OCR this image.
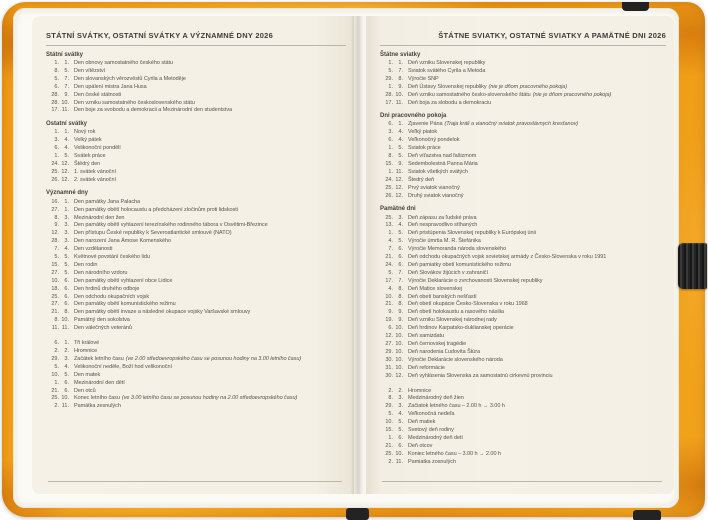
STÁTNÍ SVÁTKY, OSTATNÍ SVÁTKY A VÝZNAMNÉ DNY 2026
Státní svátky
1. 1. Den obnovy samostatného českého státu
8. 5. Den vítězství
5. 7. Den slovanských věrozvěstů Cyrila a Metoděje
6. 7. Den upálení mistra Jana Husa
28. 9. Den české státnosti
28. 10. Den vzniku samostatného československého státu
17. 11. Den boje za svobodu a demokracii a Mezinárodní den studentstva
Ostatní svátky
1. 1. Nový rok
3. 4. Velký pátek
6. 4. Velikonoční pondělí
1. 5. Svátek práce
24. 12. Štědrý den
25. 12. 1. svátek vánoční
26. 12. 2. svátek vánoční
Významné dny
16. 1. Den památky Jana Palacha
27. 1. Den památky obětí holocaustu a předcházení zločinům proti lidskosti
8. 3. Mezinárodní den žen
9. 3. Den památky obětí vyhlazení terezínského rodinného tábora v Osvětimi-Březince
12. 3. Den přístupu České republiky k Severoatlantické smlouvě (NATO)
28. 3. Den narození Jana Ámose Komenského
7. 4. Den vzdělanosti
5. 5. Květnové povstání českého lidu
15. 5. Den rodin
27. 5. Den národního vzdoru
10. 6. Den památky obětí vyhlazení obce Lidice
18. 6. Den hrdinů druhého odboje
25. 6. Den odchodu okupačních vojsk
27. 6. Den památky obětí komunistického režimu
21. 8. Den památky obětí invaze a následné okupace vojsky Varšavské smlouvy
8. 10. Památný den sokolstva
11. 11. Den válečných veteránů
6. 1. Tři králové
2. 2. Hromnice
29. 3. Začátek letního času (ve 2.00 středoevropského času se posunou hodiny na 3.00 letního času)
5. 4. Velikonoční neděle, Boží hod velikonoční
10. 5. Den matek
1. 6. Mezinárodní den dětí
21. 6. Den otců
25. 10. Konec letního času (ve 3.00 letního času se posunou hodiny na 2.00 středoevropského času)
2. 11. Památka zesnulých
ŠTÁTNE SVIATKY, OSTATNÉ SVIATKY A PAMÄTNÉ DNI 2026
Štátne sviatky
1. 1. Deň vzniku Slovenskej republiky
5. 7. Sviatok svätého Cyrila a Metoda
29. 8. Výročie SNP
1. 9. Deň Ústavy Slovenskej republiky (nie je dňom pracovného pokoja)
28. 10. Deň vzniku samostatného česko-slovenského štátu (nie je dňom pracovného pokoja)
17. 11. Deň boja za slobodu a demokraciu
Dni pracovného pokoja
6. 1. Zjavenie Pána (Traja králi a vianočný sviatok pravoslávnych kresťanov)
3. 4. Veľký piatok
6. 4. Veľkonočný pondelok
1. 5. Sviatok práce
8. 5. Deň víťazstva nad fašizmom
15. 9. Sedembolestná Panna Mária
1. 11. Sviatok všetkých svätých
24. 12. Štedrý deň
25. 12. Prvý sviatok vianočný
26. 12. Druhý sviatok vianočný
Pamätné dni
25. 3. Deň zápasu za ľudské práva
13. 4. Deň nespravodlivo stíhaných
1. 5. Deň pristúpenia Slovenskej republiky k Európskej únii
4. 5. Výročie úmrtia M. R. Štefánika
7. 6. Výročie Memoranda národa slovenského
21. 6. Deň odchodu okupačných vojsk sovietskej armády z Česko-Slovenska v roku 1991
24. 6. Deň pamiatky obetí komunistického režimu
5. 7. Deň Slovákov žijúcich v zahraničí
17. 7. Výročie Deklarácie o zvrchovanosti Slovenskej republiky
4. 8. Deň Matice slovenskej
10. 8. Deň obetí banských nešťastí
21. 8. Deň obetí okupácie Česko-Slovenska v roku 1968
9. 9. Deň obetí holokaustu a rasového násilia
19. 9. Deň vzniku Slovenskej národnej rady
6. 10. Deň hrdinov Karpatsko-duklianskej operácie
12. 10. Deň samizdatu
27. 10. Deň černovskej tragédie
29. 10. Deň narodenia Ľudovíta Štúra
30. 10. Výročie Deklarácie slovenského národa
31. 10. Deň reformácie
30. 12. Deň vyhlásenia Slovenska za samostatnú cirkevnú provinciu
2. 2. Hromnice
8. 3. Medzinárodný deň žien
29. 3. Začiatok letného času – 2.00 h → 3.00 h
5. 4. Veľkonočná nedeľa
10. 5. Deň matiek
15. 5. Svetový deň rodiny
1. 6. Medzinárodný deň detí
21. 6. Deň otcov
25. 10. Koniec letného času – 3.00 h → 2.00 h
2. 11. Pamiatka zosnulých
